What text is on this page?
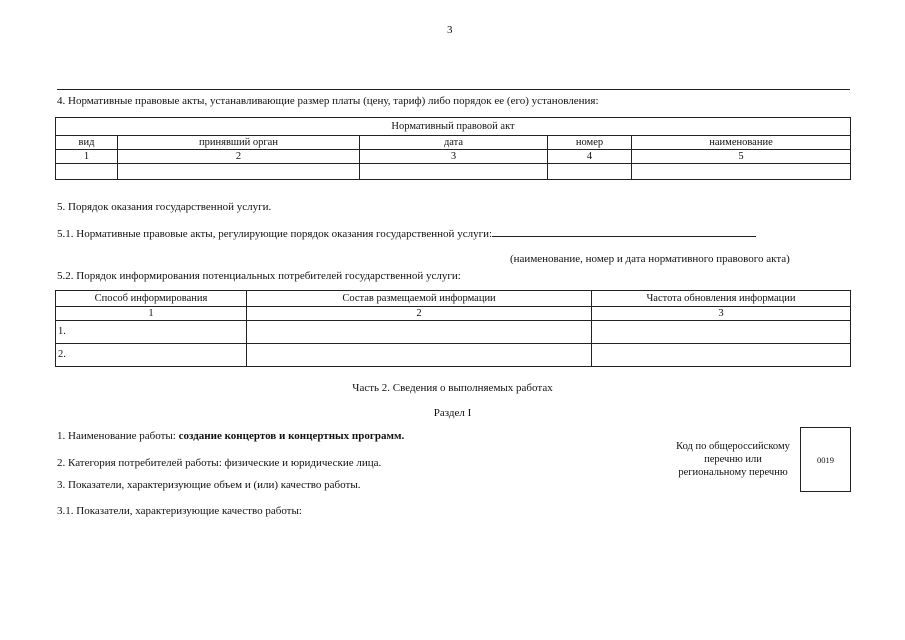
3
4. Нормативные правовые акты, устанавливающие размер платы (цену, тариф) либо порядок ее (его) установления:
Нормативный правовой акт				
вид	принявший орган	дата	номер	наименование
1	2	3	4	5

5. Порядок оказания государственной услуги.
5.1. Нормативные правовые акты, регулирующие порядок оказания государственной услуги:
(наименование, номер и дата нормативного правового акта)
5.2. Порядок информирования потенциальных потребителей государственной услуги:
Способ информирования	Состав размещаемой информации	Частота обновления информации
1	2	3
1.		
2.		
Часть 2. Сведения о выполняемых работах
Раздел I
1. Наименование работы: создание концертов и концертных программ.
2. Категория потребителей работы: физические и юридические лица.
3. Показатели, характеризующие объем и (или) качество работы.
3.1. Показатели, характеризующие качество работы:
Код по общероссийскому
перечню или
региональному перечню
0019
